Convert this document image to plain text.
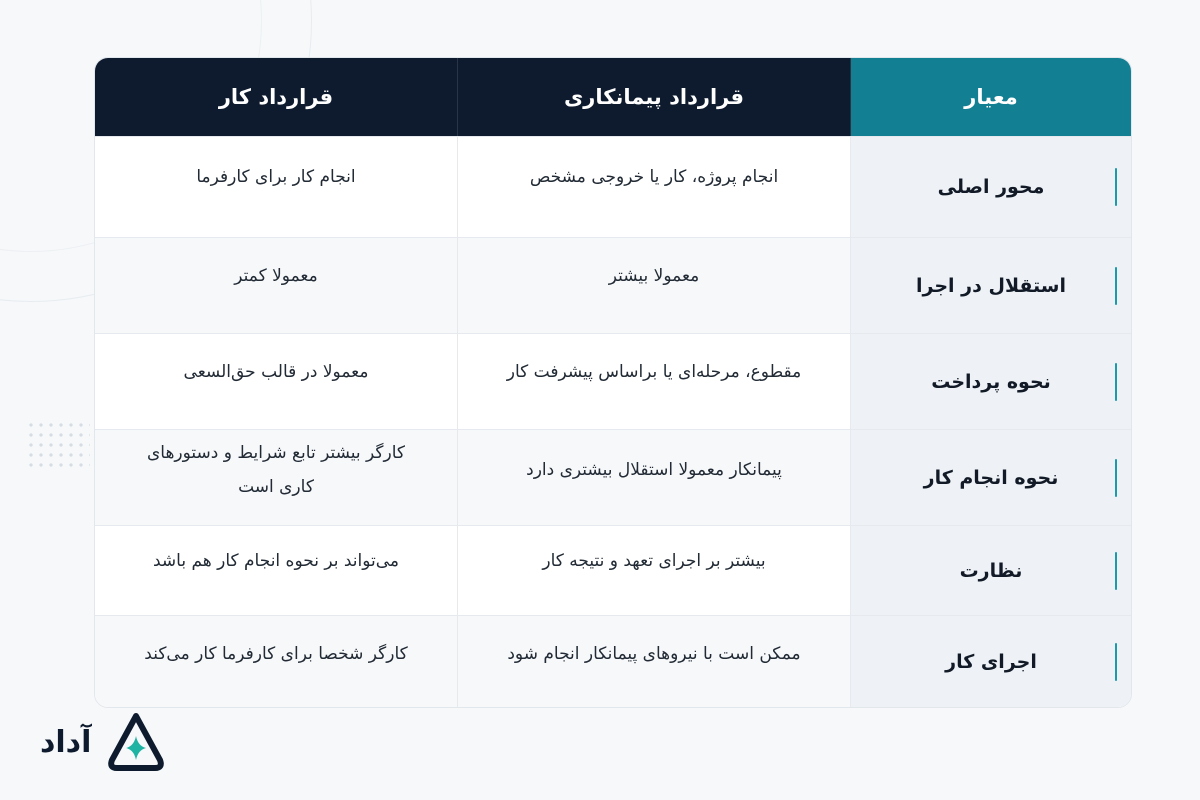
معیار
قرارداد پیمانکاری
قرارداد کار
محور اصلی
انجام پروژه، کار یا خروجی مشخص
انجام کار برای کارفرما
استقلال در اجرا
معمولا بیشتر
معمولا کمتر
نحوه پرداخت
مقطوع، مرحله‌ای یا براساس پیشرفت کار
معمولا در قالب حق‌السعی
نحوه انجام کار
پیمانکار معمولا استقلال بیشتری دارد
کارگر بیشتر تابع شرایط و دستورهای کاری است
نظارت
بیشتر بر اجرای تعهد و نتیجه کار
می‌تواند بر نحوه انجام کار هم باشد
اجرای کار
ممکن است با نیروهای پیمانکار انجام شود
کارگر شخصا برای کارفرما کار می‌کند
آداد
